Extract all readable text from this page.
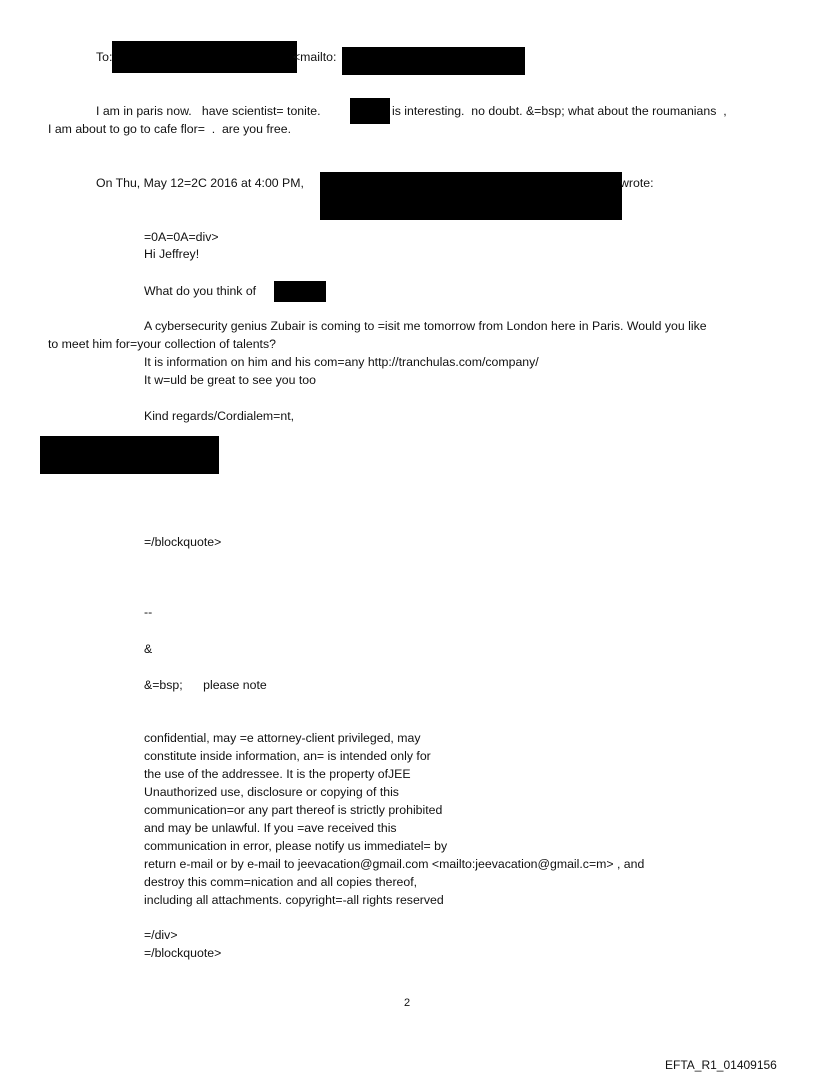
To:	<mailto:
I am in paris now.   have scientist= tonite.	is interesting.  no doubt. &=bsp; what about the roumanians  ,
I am about to go to cafe flor=  .  are you free.
On Thu, May 12=2C 2016 at 4:00 PM,	wrote:
=0A=0A=div>
Hi Jeffrey!
What do you think of
A cybersecurity genius Zubair is coming to =isit me tomorrow from London here in Paris. Would you like
to meet him for=your collection of talents?
It is information on him and his com=any http://tranchulas.com/company/
It w=uld be great to see you too
Kind regards/Cordialem=nt,
=/blockquote>
--
&
&=bsp;      please note
confidential, may =e attorney-client privileged, may
constitute inside information, an= is intended only for
the use of the addressee. It is the property ofJEE
Unauthorized use, disclosure or copying of this
communication=or any part thereof is strictly prohibited
and may be unlawful. If you =ave received this
communication in error, please notify us immediatel= by
return e-mail or by e-mail to jeevacation@gmail.com <mailto:jeevacation@gmail.c=m> , and
destroy this comm=nication and all copies thereof,
including all attachments. copyright=-all rights reserved
=/div>
=/blockquote>
2
EFTA_R1_01409156
